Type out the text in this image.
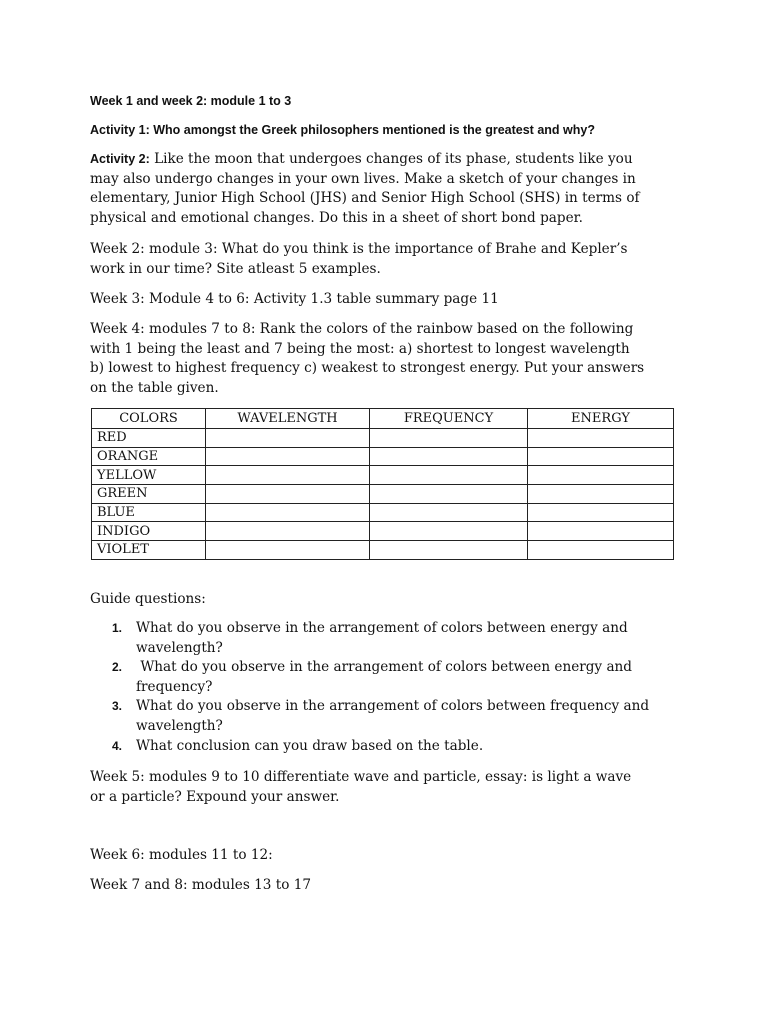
Week 1 and week 2: module 1 to 3
Activity 1: Who amongst the Greek philosophers mentioned is the greatest and why?
Activity 2: Like the moon that undergoes changes of its phase, students like you
may also undergo changes in your own lives. Make a sketch of your changes in
elementary, Junior High School (JHS) and Senior High School (SHS) in terms of
physical and emotional changes. Do this in a sheet of short bond paper.
Week 2: module 3: What do you think is the importance of Brahe and Kepler’s
work in our time? Site atleast 5 examples.
Week 3: Module 4 to 6: Activity 1.3 table summary page 11
Week 4: modules 7 to 8: Rank the colors of the rainbow based on the following
with 1 being the least and 7 being the most: a) shortest to longest wavelength
b) lowest to highest frequency c) weakest to strongest energy. Put your answers
on the table given.
COLORS	WAVELENGTH	FREQUENCY	ENERGY
RED			
ORANGE			
YELLOW			
GREEN			
BLUE			
INDIGO			
VIOLET			
Guide questions:
1. What do you observe in the arrangement of colors between energy and
wavelength?
2. What do you observe in the arrangement of colors between energy and
frequency?
3. What do you observe in the arrangement of colors between frequency and
wavelength?
4. What conclusion can you draw based on the table.
Week 5: modules 9 to 10 differentiate wave and particle, essay: is light a wave
or a particle? Expound your answer.
Week 6: modules 11 to 12:
Week 7 and 8: modules 13 to 17
